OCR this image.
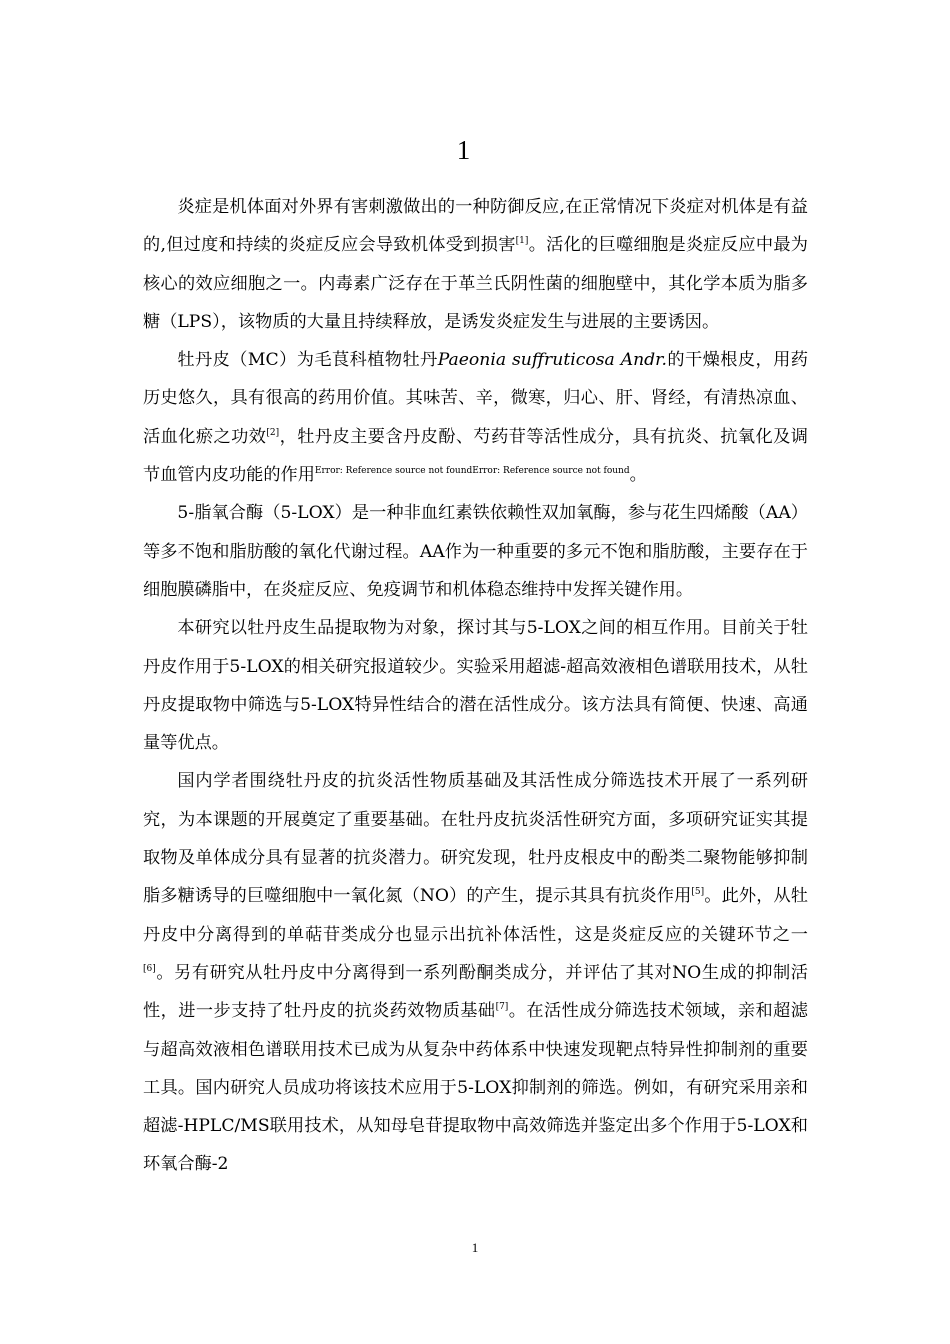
1

炎症是机体面对外界有害刺激做出的一种防御反应,在正常情况下炎症对机体是有益的,但过度和持续的炎症反应会导致机体受到损害[1]。活化的巨噬细胞是炎症反应中最为核心的效应细胞之一。内毒素广泛存在于革兰氏阴性菌的细胞壁中，其化学本质为脂多糖（LPS），该物质的大量且持续释放，是诱发炎症发生与进展的主要诱因。

牡丹皮（MC）为毛茛科植物牡丹Paeonia suffruticosa Andr.的干燥根皮，用药历史悠久，具有很高的药用价值。其味苦、辛，微寒，归心、肝、肾经，有清热凉血、活血化瘀之功效[2]，牡丹皮主要含丹皮酚、芍药苷等活性成分，具有抗炎、抗氧化及调节血管内皮功能的作用$^{Error: Reference source not foundError: Reference source not found}$。

5-脂氧合酶（5-LOX）是一种非血红素铁依赖性双加氧酶，参与花生四烯酸（AA）等多不饱和脂肪酸的氧化代谢过程。AA作为一种重要的多元不饱和脂肪酸，主要存在于细胞膜磷脂中，在炎症反应、免疫调节和机体稳态维持中发挥关键作用。

本研究以牡丹皮生品提取物为对象，探讨其与5-LOX之间的相互作用。目前关于牡丹皮作用于5-LOX的相关研究报道较少。实验采用超滤-超高效液相色谱联用技术，从牡丹皮提取物中筛选与5-LOX特异性结合的潜在活性成分。该方法具有简便、快速、高通量等优点。

国内学者围绕牡丹皮的抗炎活性物质基础及其活性成分筛选技术开展了一系列研究，为本课题的开展奠定了重要基础。在牡丹皮抗炎活性研究方面，多项研究证实其提取物及单体成分具有显著的抗炎潜力。研究发现，牡丹皮根皮中的酚类二聚物能够抑制脂多糖诱导的巨噬细胞中一氧化氮（NO）的产生，提示其具有抗炎作用[5]。此外，从牡丹皮中分离得到的单萜苷类成分也显示出抗补体活性，这是炎症反应的关键环节之一[6]。另有研究从牡丹皮中分离得到一系列酚酮类成分，并评估了其对NO生成的抑制活性，进一步支持了牡丹皮的抗炎药效物质基础[7]。在活性成分筛选技术领域，亲和超滤与超高效液相色谱联用技术已成为从复杂中药体系中快速发现靶点特异性抑制剂的重要工具。国内研究人员成功将该技术应用于5-LOX抑制剂的筛选。例如，有研究采用亲和超滤-HPLC/MS联用技术，从知母皂苷提取物中高效筛选并鉴定出多个作用于5-LOX和环氧合酶-2

1
